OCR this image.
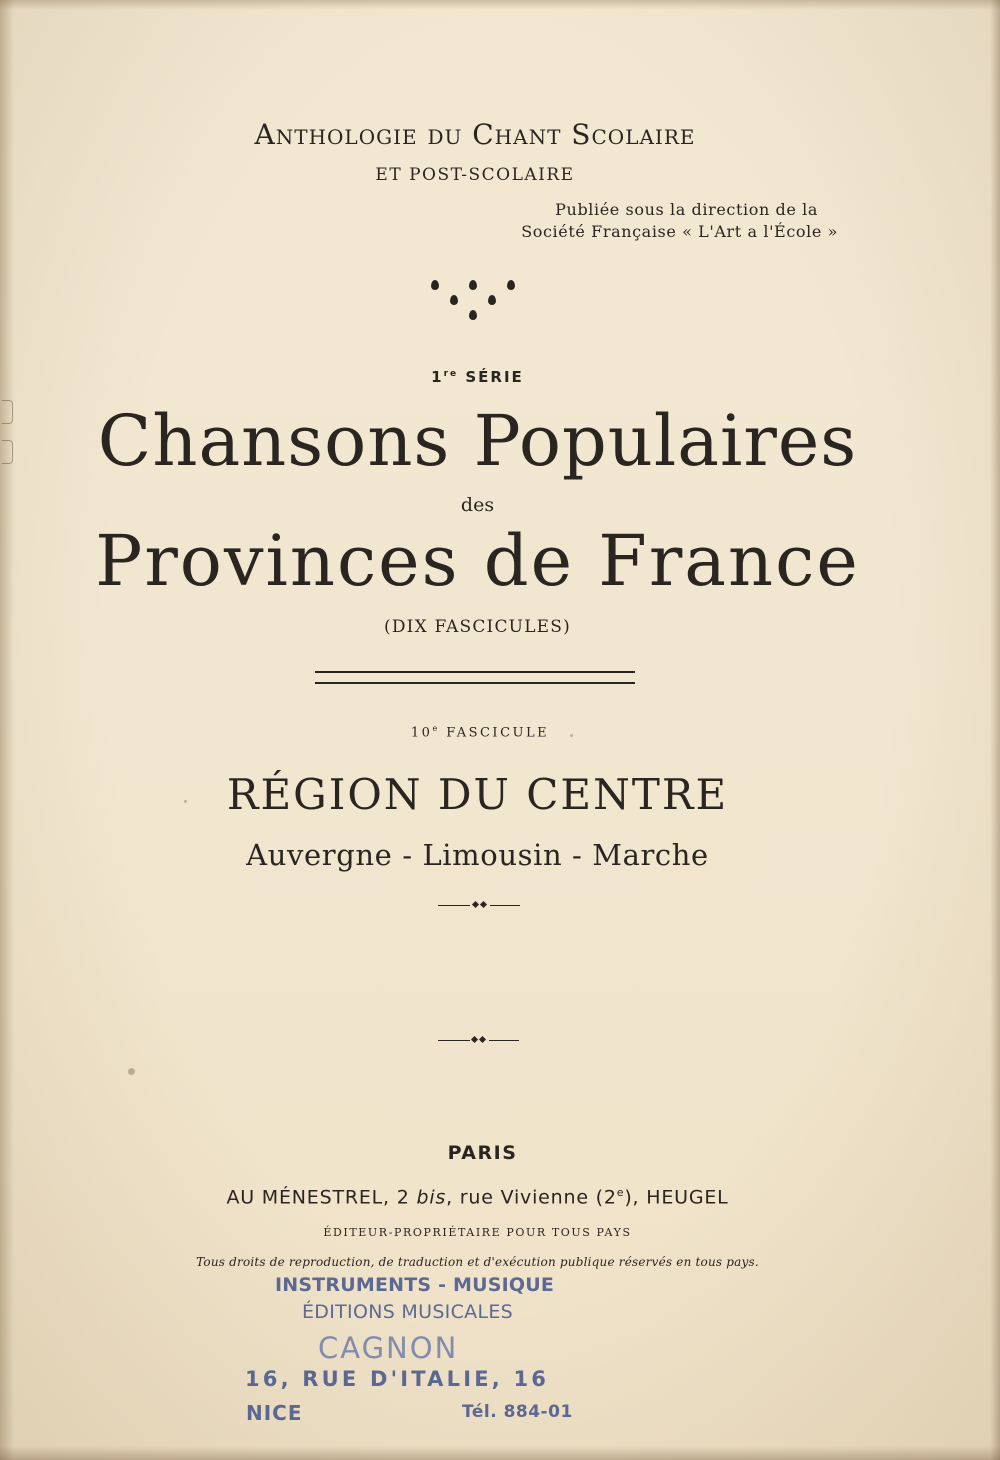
Anthologie du Chant Scolaire
ET POST-SCOLAIRE
Publiée sous la direction de la
Société Française « L'Art a l'École »
1re SÉRIE
Chansons Populaires
des
Provinces de France
(DIX FASCICULES)
10e FASCICULE
RÉGION DU CENTRE
Auvergne - Limousin - Marche
PARIS
AU MÉNESTREL, 2 bis, rue Vivienne (2e), HEUGEL
ÉDITEUR-PROPRIÉTAIRE POUR TOUS PAYS
Tous droits de reproduction, de traduction et d'exécution publique réservés en tous pays.
INSTRUMENTS - MUSIQUE
ÉDITIONS MUSICALES
CAGNON
16, RUE D'ITALIE, 16
NICE	Tél. 884-01
